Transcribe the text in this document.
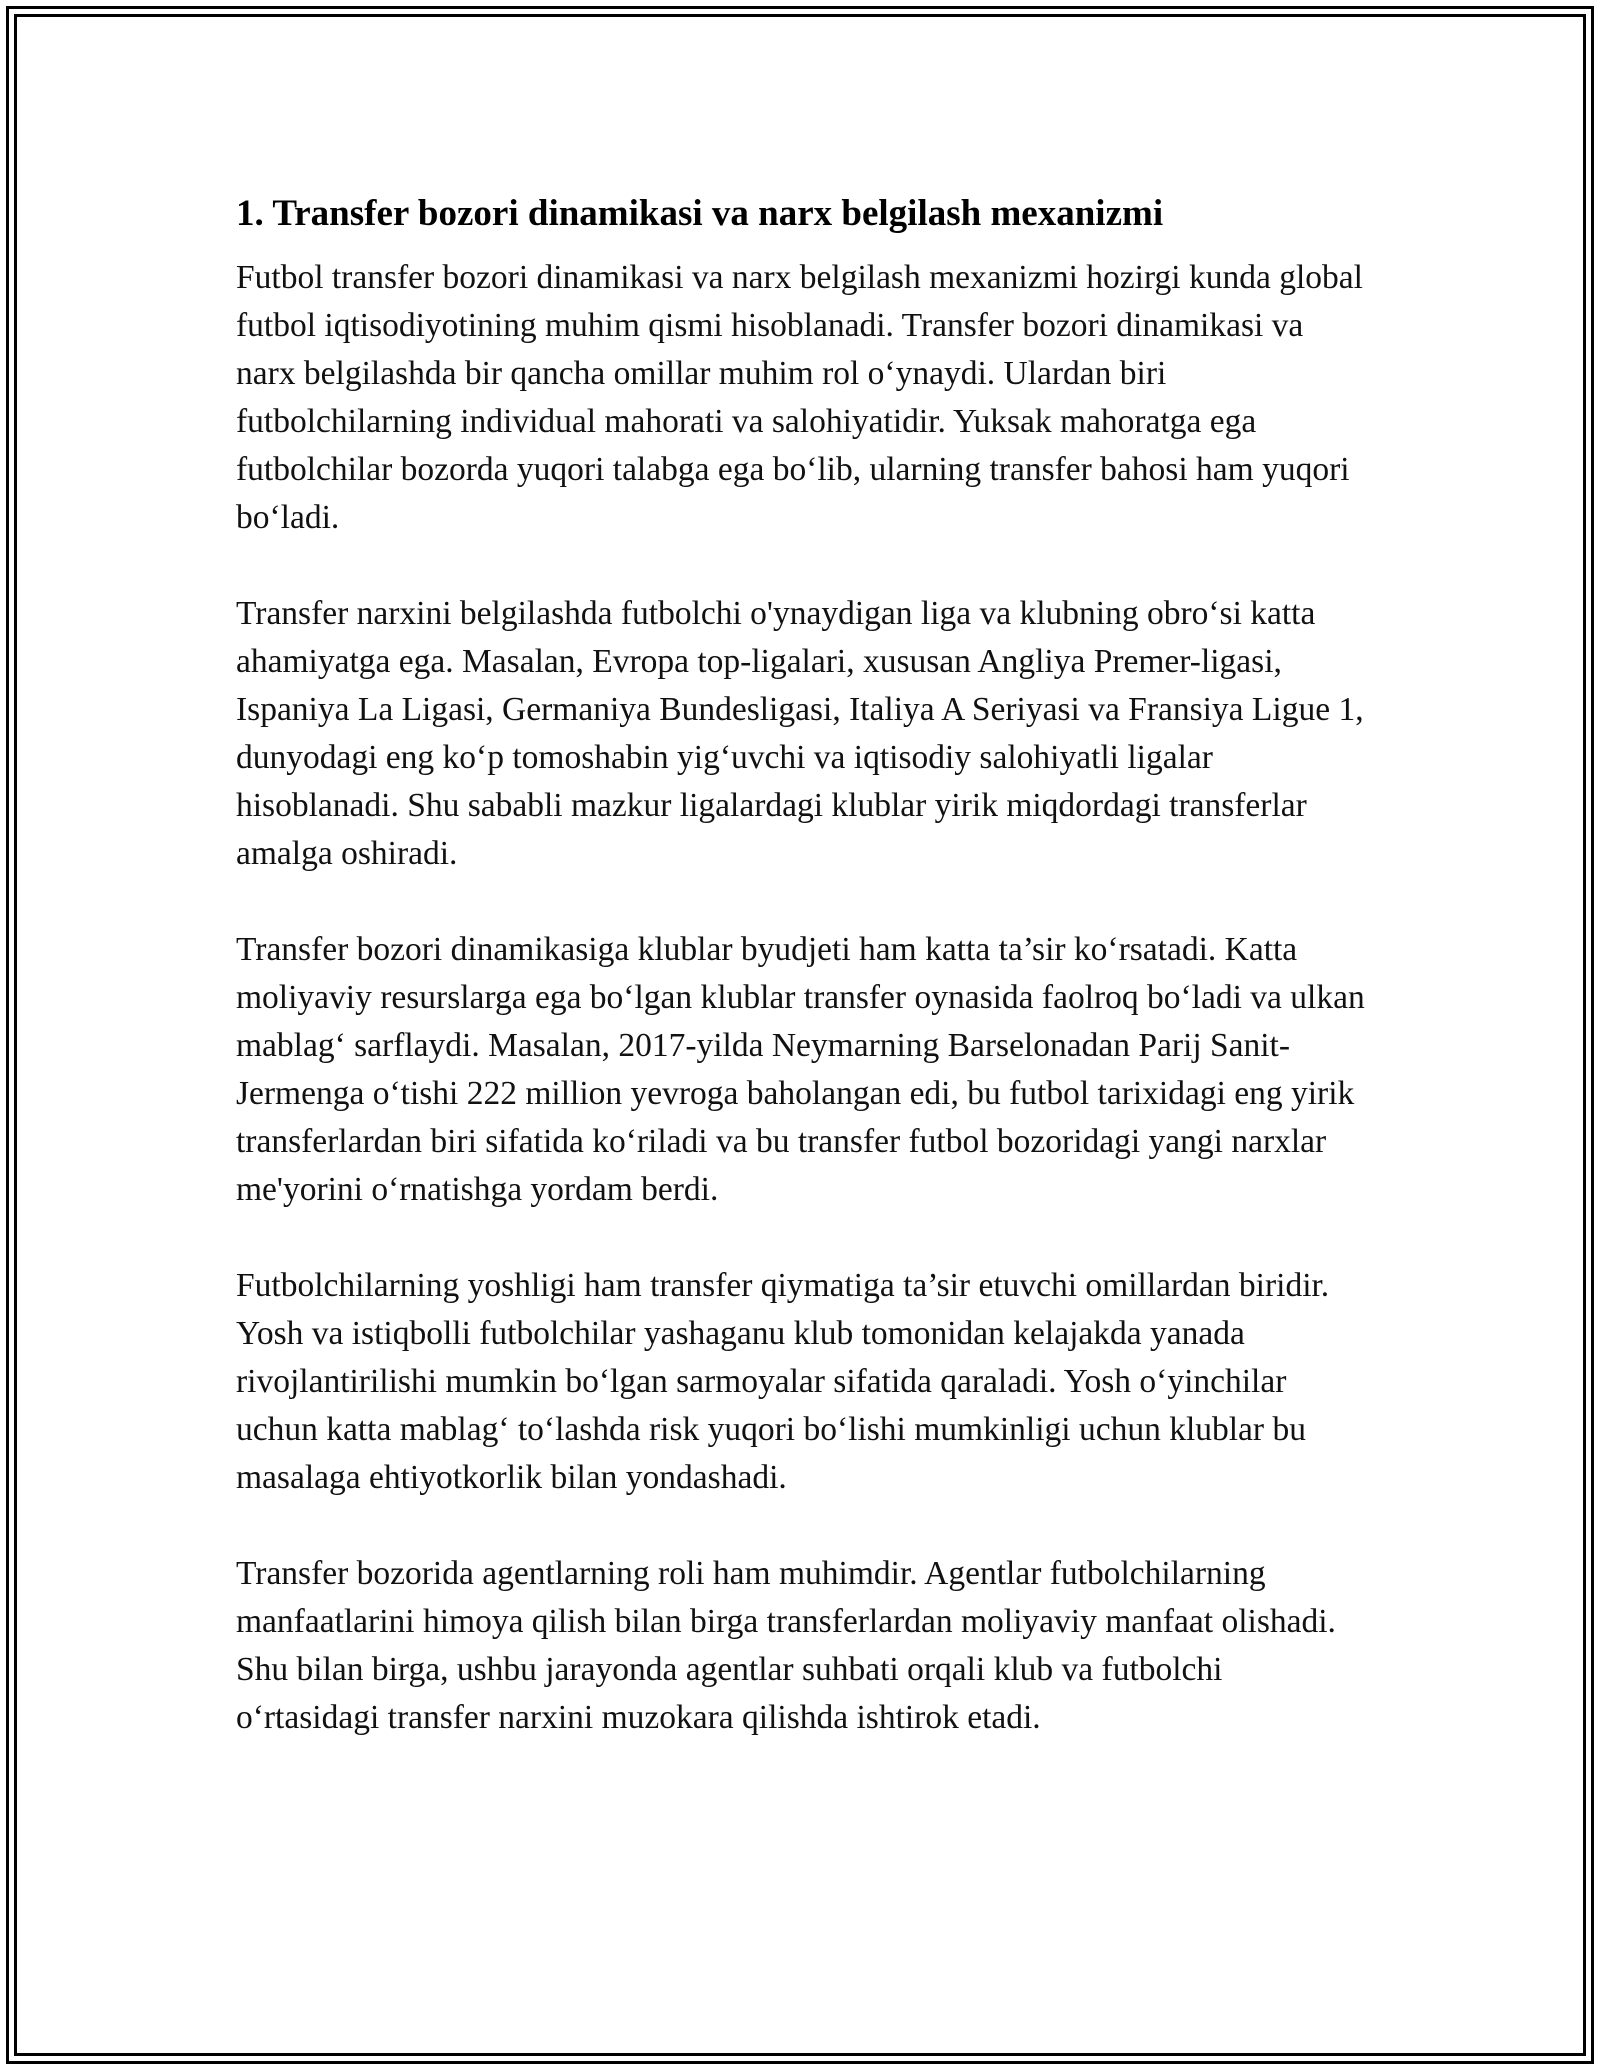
1. Transfer bozori dinamikasi va narx belgilash mexanizmi

Futbol transfer bozori dinamikasi va narx belgilash mexanizmi hozirgi kunda global futbol iqtisodiyotining muhim qismi hisoblanadi. Transfer bozori dinamikasi va narx belgilashda bir qancha omillar muhim rol o‘ynaydi. Ulardan biri futbolchilarning individual mahorati va salohiyatidir. Yuksak mahoratga ega futbolchilar bozorda yuqori talabga ega bo‘lib, ularning transfer bahosi ham yuqori bo‘ladi.

Transfer narxini belgilashda futbolchi o'ynaydigan liga va klubning obro‘si katta ahamiyatga ega. Masalan, Evropa top-ligalari, xususan Angliya Premer-ligasi, Ispaniya La Ligasi, Germaniya Bundesligasi, Italiya A Seriyasi va Fransiya Ligue 1, dunyodagi eng ko‘p tomoshabin yig‘uvchi va iqtisodiy salohiyatli ligalar hisoblanadi. Shu sababli mazkur ligalardagi klublar yirik miqdordagi transferlar amalga oshiradi.

Transfer bozori dinamikasiga klublar byudjeti ham katta ta’sir ko‘rsatadi. Katta moliyaviy resurslarga ega bo‘lgan klublar transfer oynasida faolroq bo‘ladi va ulkan mablag‘ sarflaydi. Masalan, 2017-yilda Neymarning Barselonadan Parij Sanit-Jermenga o‘tishi 222 million yevroga baholangan edi, bu futbol tarixidagi eng yirik transferlardan biri sifatida ko‘riladi va bu transfer futbol bozoridagi yangi narxlar me'yorini o‘rnatishga yordam berdi.

Futbolchilarning yoshligi ham transfer qiymatiga ta’sir etuvchi omillardan biridir. Yosh va istiqbolli futbolchilar yashaganu klub tomonidan kelajakda yanada rivojlantirilishi mumkin bo‘lgan sarmoyalar sifatida qaraladi. Yosh o‘yinchilar uchun katta mablag‘ to‘lashda risk yuqori bo‘lishi mumkinligi uchun klublar bu masalaga ehtiyotkorlik bilan yondashadi.

Transfer bozorida agentlarning roli ham muhimdir. Agentlar futbolchilarning manfaatlarini himoya qilish bilan birga transferlardan moliyaviy manfaat olishadi. Shu bilan birga, ushbu jarayonda agentlar suhbati orqali klub va futbolchi o‘rtasidagi transfer narxini muzokara qilishda ishtirok etadi.
